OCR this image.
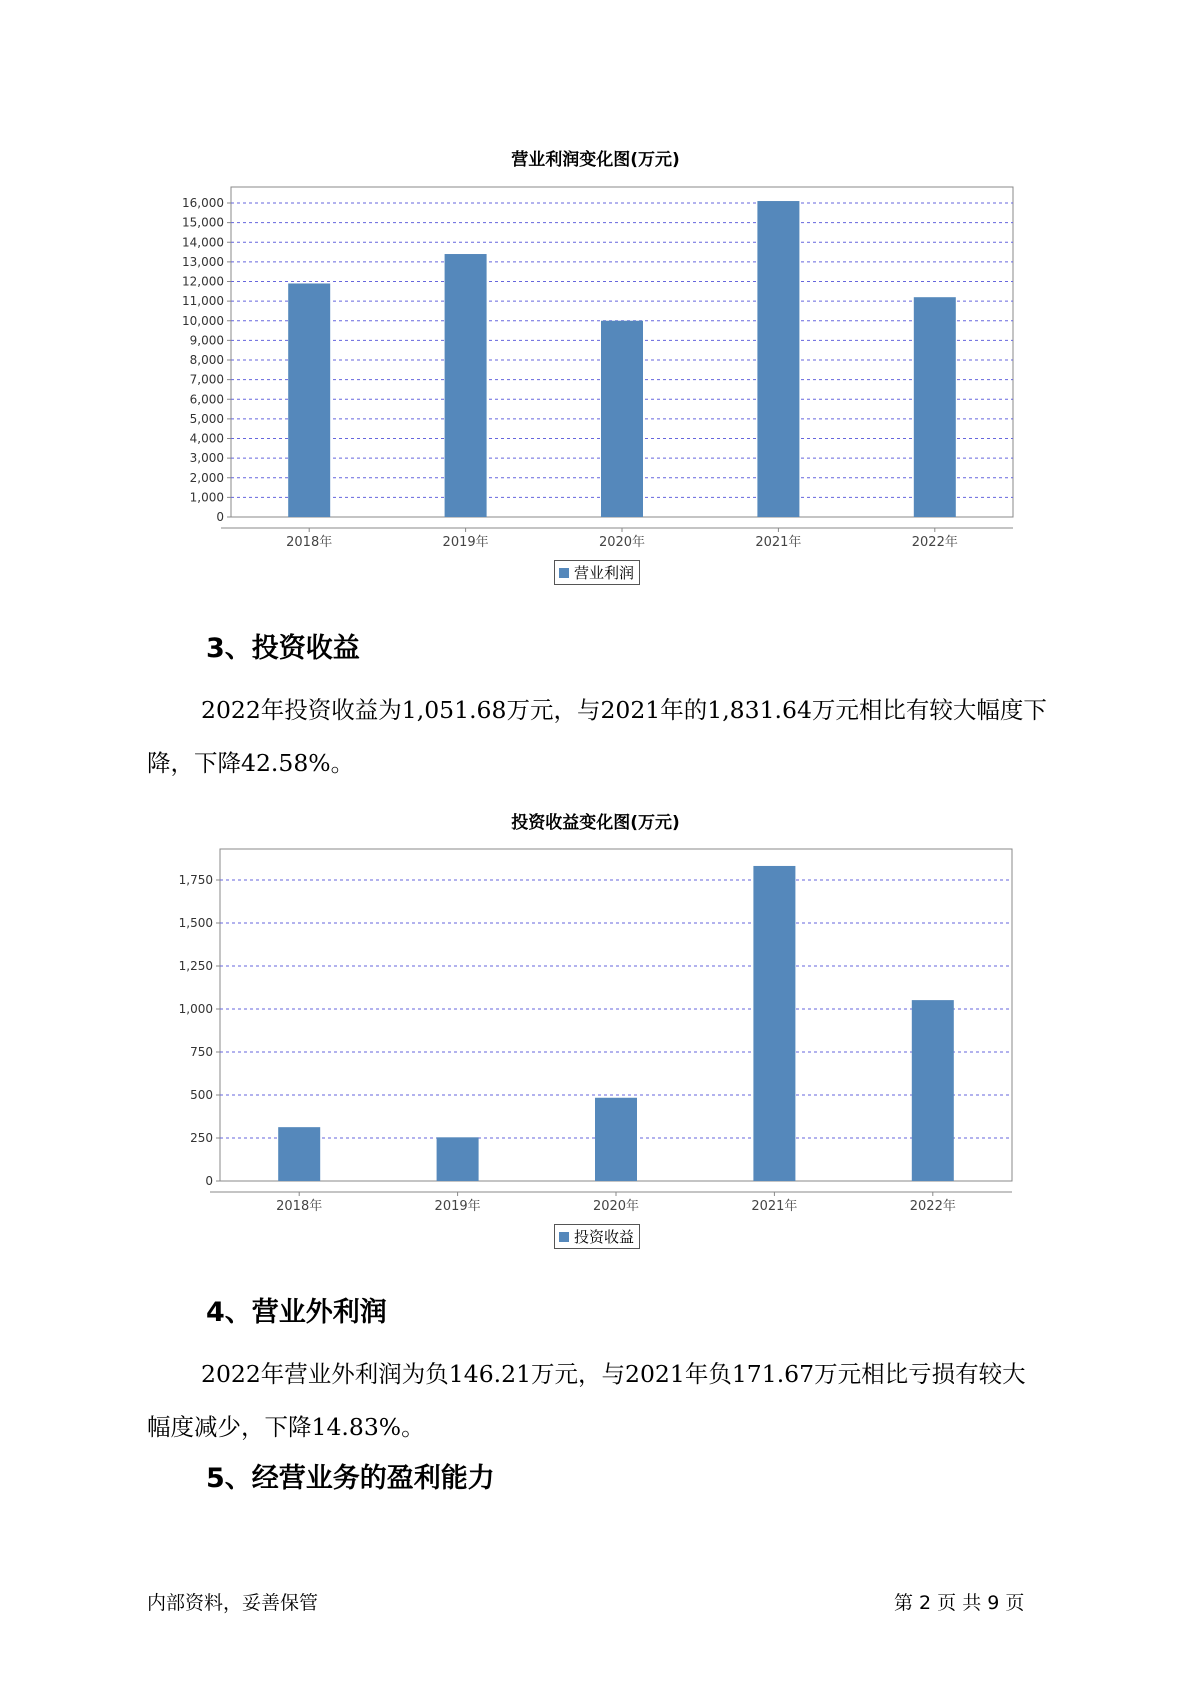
营业利润变化图(万元)
0
1,000
2,000
3,000
4,000
5,000
6,000
7,000
8,000
9,000
10,000
11,000
12,000
13,000
14,000
15,000
16,000
2018年	2019年	2020年	2021年	2022年
营业利润
3、投资收益
2022年投资收益为1,051.68万元，与2021年的1,831.64万元相比有较大幅度下降，下降42.58%。
投资收益变化图(万元)
0
250
500
750
1,000
1,250
1,500
1,750
2018年	2019年	2020年	2021年	2022年
投资收益
4、营业外利润
2022年营业外利润为负146.21万元，与2021年负171.67万元相比亏损有较大幅度减少，下降14.83%。
5、经营业务的盈利能力
内部资料，妥善保管	第 2 页 共 9 页
